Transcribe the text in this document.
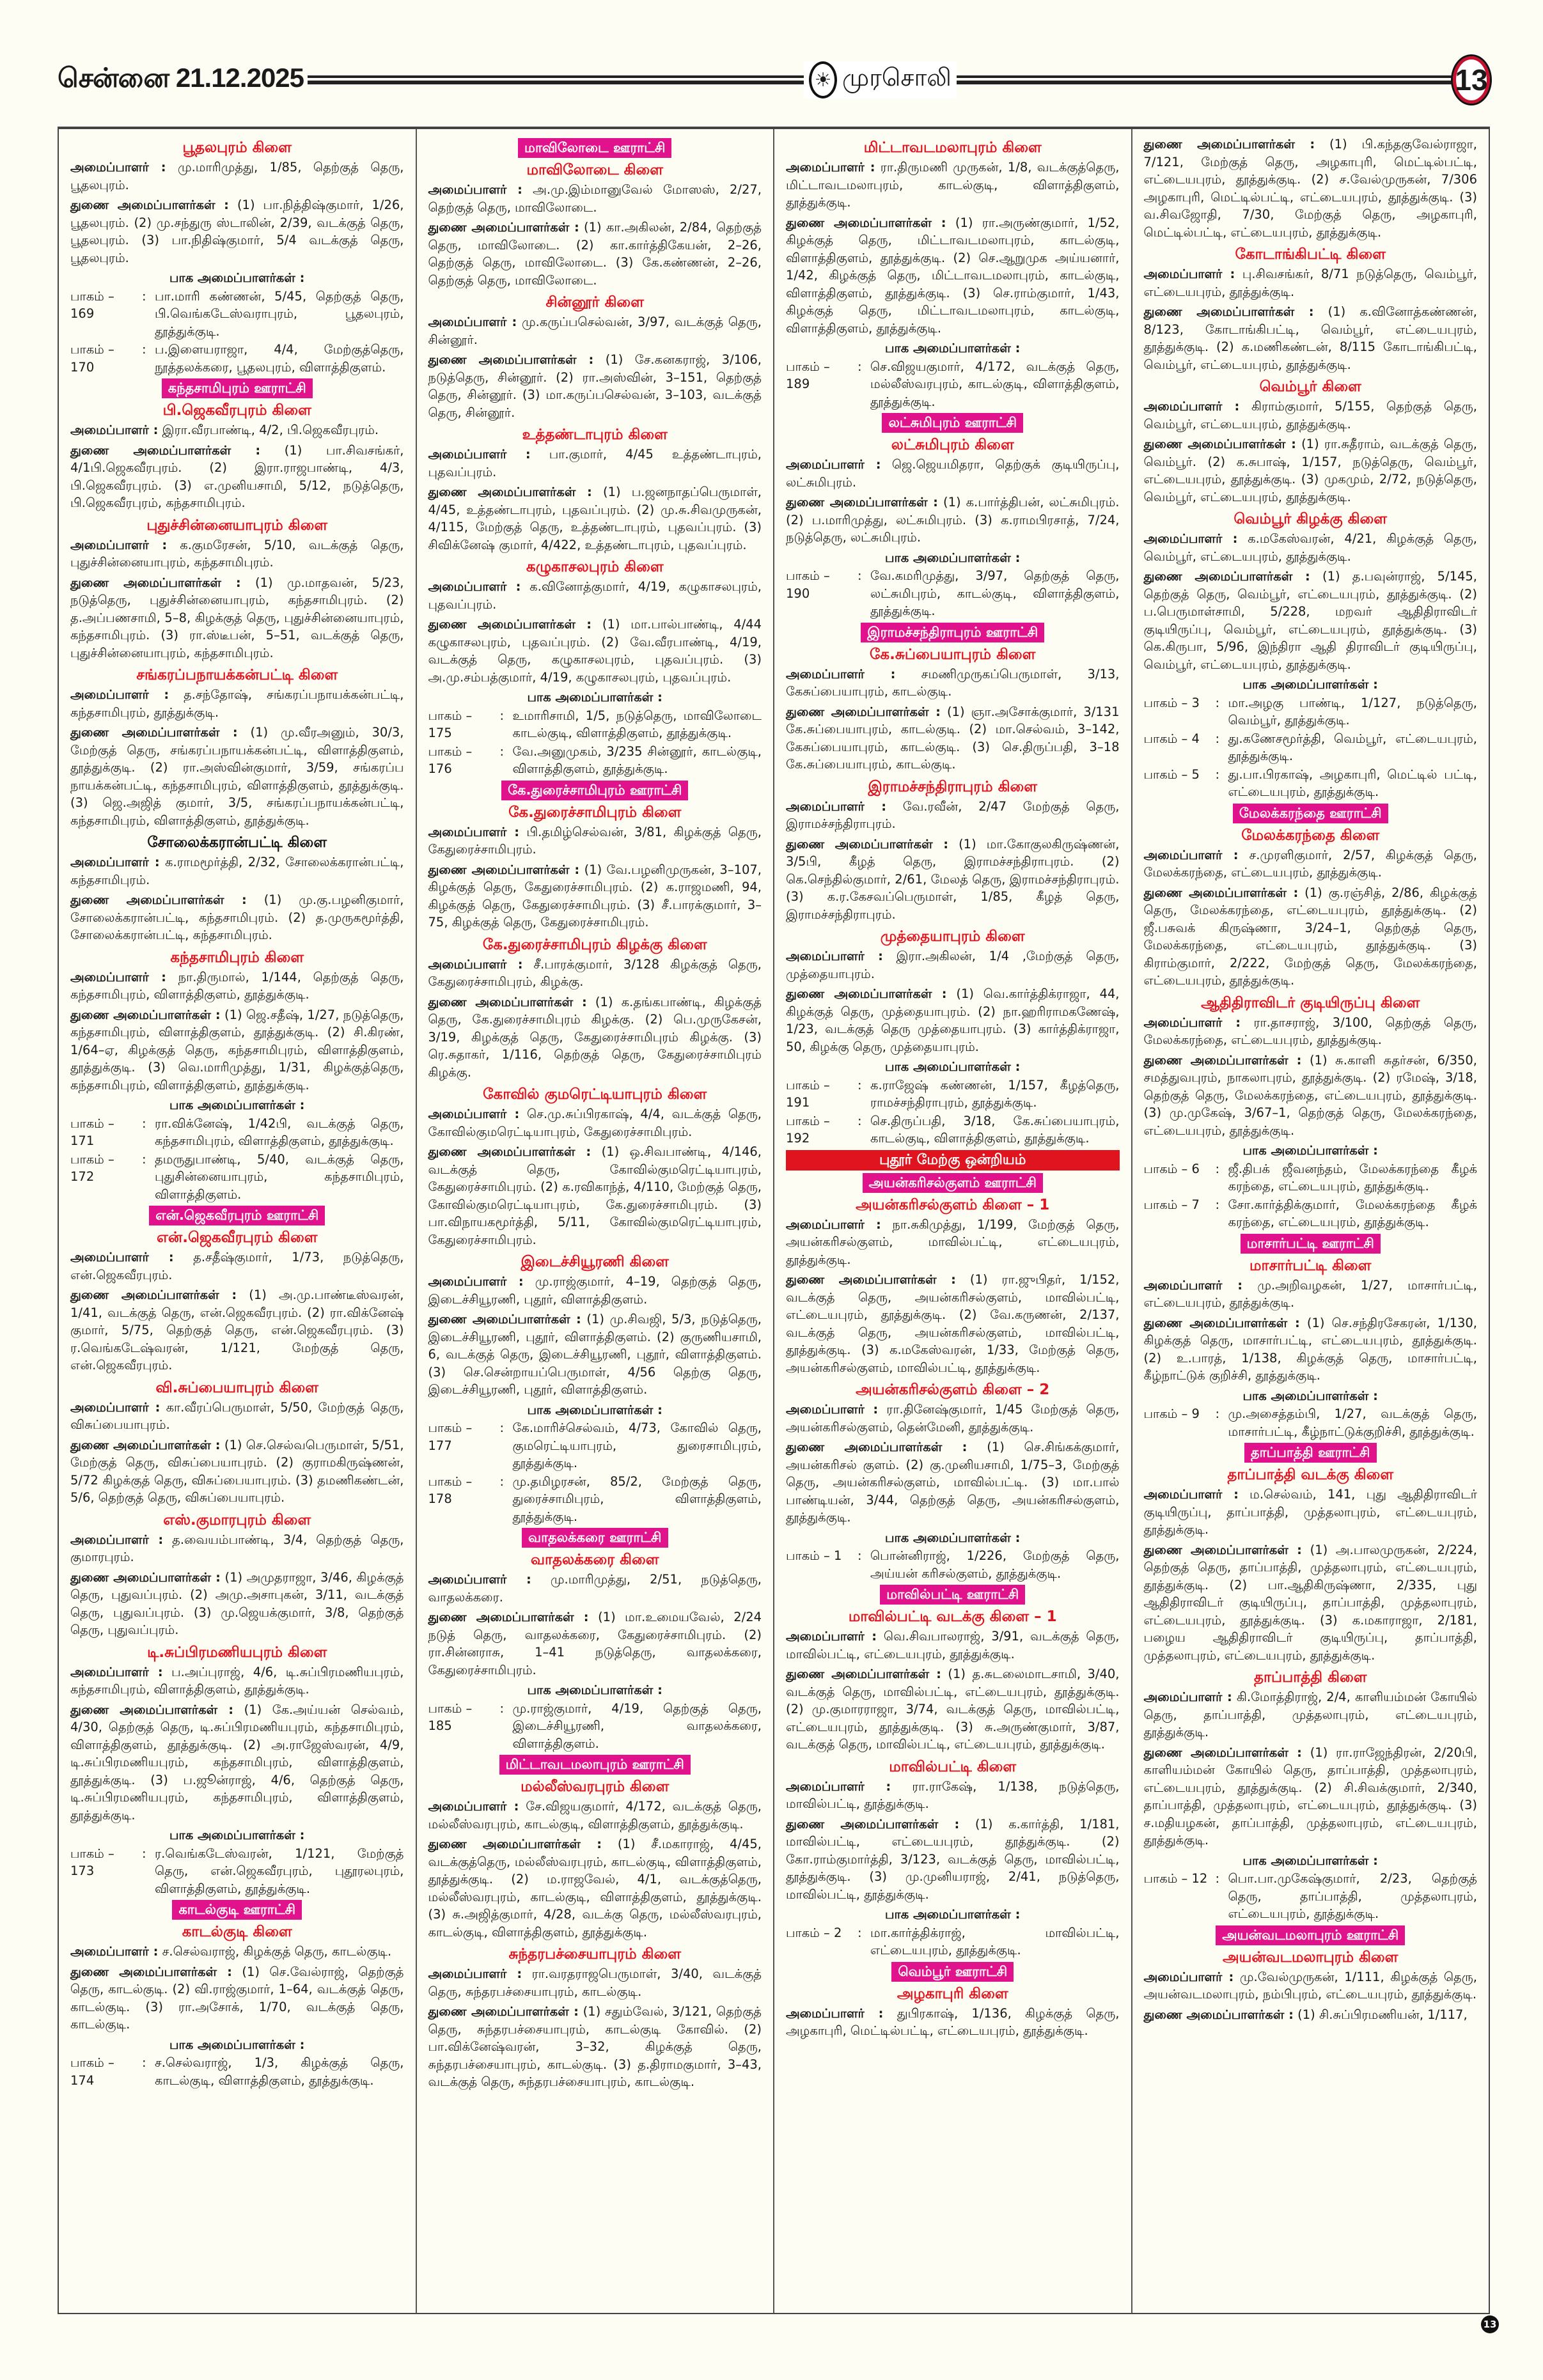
சென்னை 21.12.2025	☀ முரசொலி	13
பூதலபுரம் கிளை
அமைப்பாளர் : மு.மாரிமுத்து, 1/85, தெற்குத் தெரு, பூதலபுரம்.
துணை அமைப்பாளர்கள் : (1) பா.நித்திஷ்குமார், 1/26, பூதலபுரம். (2) மு.சந்துரு ஸ்டாலின், 2/39, வடக்குத் தெரு, பூதலபுரம். (3) பா.நிதிஷ்குமார், 5/4 வடக்குத் தெரு, பூதலபுரம்.
பாக அமைப்பாளர்கள் :
பாகம் – 169
: பா.மாரி கண்ணன், 5/45, தெற்குத் தெரு, பி.வெங்கடேஸ்வராபுரம், பூதலபுரம், தூத்துக்குடி.
பாகம் – 170
: ப.இளையராஜா, 4/4, மேற்குத்தெரு, நூத்தலக்கரை, பூதலபுரம், விளாத்திகுளம்.
கந்தசாமிபுரம் ஊராட்சி
பி.ஜெகவீரபுரம் கிளை
அமைப்பாளர் : இரா.வீரபாண்டி, 4/2, பி.ஜெகவீரபுரம்.
துணை அமைப்பாளர்கள் : (1) பா.சிவசங்கர், 4/1பி.ஜெகவீரபுரம். (2) இரா.ராஜபாண்டி, 4/3, பி.ஜெகவீரபுரம். (3) எ.முனியசாமி, 5/12, நடுத்தெரு, பி.ஜெகவீரபுரம், கந்தசாமிபுரம்.
புதுச்சின்னையாபுரம் கிளை
அமைப்பாளர் : க.குமரேசன், 5/10, வடக்குத் தெரு, புதுச்சின்னையாபுரம், கந்தசாமிபுரம்.
துணை அமைப்பாளர்கள் : (1) மு.மாதவன், 5/23, நடுத்தெரு, புதுச்சின்னையாபுரம், கந்தசாமிபுரம். (2) த.அப்பணசாமி, 5–8, கிழக்குத் தெரு, புதுச்சின்னையாபுரம், கந்தசாமிபுரம். (3) ரா.ஸ்டீபன், 5–51, வடக்குத் தெரு, புதுச்சின்னையாபுரம், கந்தசாமிபுரம்.
சங்கரப்பநாயக்கன்பட்டி கிளை
அமைப்பாளர் : த.சந்தோஷ், சங்கரப்பநாயக்கன்பட்டி, கந்தசாமிபுரம், தூத்துக்குடி.
துணை அமைப்பாளர்கள் : (1) மு.வீரஅனும், 30/3, மேற்குத் தெரு, சங்கரப்பநாயக்கன்பட்டி, விளாத்திகுளம், தூத்துக்குடி. (2) ரா.அஸ்வின்குமார், 3/59, சங்கரப்ப நாயக்கன்பட்டி, கந்தசாமிபுரம், விளாத்திகுளம், தூத்துக்குடி. (3) ஜெ.அஜித் குமார், 3/5, சங்கரப்பநாயக்கன்பட்டி, கந்தசாமிபுரம், விளாத்திகுளம், தூத்துக்குடி.
சோலைக்கரான்பட்டி கிளை
அமைப்பாளர் : க.ராமமூர்த்தி, 2/32, சோலைக்கரான்பட்டி, கந்தசாமிபுரம்.
துணை அமைப்பாளர்கள் : (1) மு.கு.பழனிகுமார், சோலைக்கரான்பட்டி, கந்தசாமிபுரம். (2) த.முருகமூர்த்தி, சோலைக்கரான்பட்டி, கந்தசாமிபுரம்.
கந்தசாமிபுரம் கிளை
அமைப்பாளர் : நா.திருமால், 1/144, தெற்குத் தெரு, கந்தசாமிபுரம், விளாத்திகுளம், தூத்துக்குடி.
துணை அமைப்பாளர்கள் : (1) ஜெ.சதீஷ், 1/27, நடுத்தெரு, கந்தசாமிபுரம், விளாத்திகுளம், தூத்துக்குடி. (2) சி.கிரண், 1/64–ஏ, கிழக்குத் தெரு, கந்தசாமிபுரம், விளாத்திகுளம், தூத்துக்குடி. (3) வெ.மாரிமுத்து, 1/31, கிழக்குத்தெரு, கந்தசாமிபுரம், விளாத்திகுளம், தூத்துக்குடி.
பாக அமைப்பாளர்கள் :
பாகம் – 171
: ரா.விக்னேஷ், 1/42பி, வடக்குத் தெரு, கந்தசாமிபுரம், விளாத்திகுளம், தூத்துக்குடி.
பாகம் – 172
: தமருதுபாண்டி, 5/40, வடக்குத் தெரு, புதுசின்னையாபுரம், கந்தசாமிபுரம், விளாத்திகுளம்.
என்.ஜெகவீரபுரம் ஊராட்சி
என்.ஜெகவீரபுரம் கிளை
அமைப்பாளர் : த.சதீஷ்குமார், 1/73, நடுத்தெரு, என்.ஜெகவீரபுரம்.
துணை அமைப்பாளர்கள் : (1) அ.மு.பாண்டீஸ்வரன், 1/41, வடக்குத் தெரு, என்.ஜெகவீரபுரம். (2) ரா.விக்னேஷ் குமார், 5/75, தெற்குத் தெரு, என்.ஜெகவீரபுரம். (3) ர.வெங்கடேஷ்வரன், 1/121, மேற்குத் தெரு, என்.ஜெகவீரபுரம்.
வி.சுப்பையாபுரம் கிளை
அமைப்பாளர் : கா.வீரப்பெருமாள், 5/50, மேற்குத் தெரு, விசுப்பையாபுரம்.
துணை அமைப்பாளர்கள் : (1) செ.செல்வபெருமாள், 5/51, மேற்குத் தெரு, விசுப்பையாபுரம். (2) குராமகிருஷ்ணன், 5/72 கிழக்குத் தெரு, விசுப்பையாபுரம். (3) தமணிகண்டன், 5/6, தெற்குத் தெரு, விசுப்பையாபுரம்.
எஸ்.குமாரபுரம் கிளை
அமைப்பாளர் : த.வையம்பாண்டி, 3/4, தெற்குத் தெரு, குமாரபுரம்.
துணை அமைப்பாளர்கள் : (1) அமுதராஜா, 3/46, கிழக்குத் தெரு, புதுவப்புரம். (2) அமு.அசாபுகன், 3/11, வடக்குத் தெரு, புதுவப்புரம். (3) மு.ஜெயக்குமார், 3/8, தெற்குத் தெரு, புதுவப்புரம்.
டி.சுப்பிரமணியபுரம் கிளை
அமைப்பாளர் : ப.அப்புராஜ், 4/6, டி.சுப்பிரமணியபுரம், கந்தசாமிபுரம், விளாத்திகுளம், தூத்துக்குடி.
துணை அமைப்பாளர்கள் : (1) கே.அய்யன் செல்வம், 4/30, தெற்குத் தெரு, டி.சுப்பிரமணியபுரம், கந்தசாமிபுரம், விளாத்திகுளம், தூத்துக்குடி. (2) அ.ராஜேஸ்வரன், 4/9, டி.சுப்பிரமணியபுரம், கந்தசாமிபுரம், விளாத்திகுளம், தூத்துக்குடி. (3) ப.ஜூன்ராஜ், 4/6, தெற்குத் தெரு, டி.சுப்பிரமணியபுரம், கந்தசாமிபுரம், விளாத்திகுளம், தூத்துக்குடி.
பாக அமைப்பாளர்கள் :
பாகம் – 173
: ர.வெங்கடேஸ்வரன், 1/121, மேற்குத் தெரு, என்.ஜெகவீரபுரம், புதூரலபுரம், விளாத்திகுளம், தூத்துக்குடி.
காடல்குடி ஊராட்சி
காடல்குடி கிளை
அமைப்பாளர் : ச.செல்வராஜ், கிழக்குத் தெரு, காடல்குடி.
துணை அமைப்பாளர்கள் : (1) செ.வேல்ராஜ், தெற்குத் தெரு, காடல்குடி. (2) வி.ராஜ்குமார், 1–64, வடக்குத் தெரு, காடல்குடி. (3) ரா.அசோக், 1/70, வடக்குத் தெரு, காடல்குடி.
பாக அமைப்பாளர்கள் :
பாகம் – 174
: ச.செல்வராஜ், 1/3, கிழக்குத் தெரு, காடல்குடி, விளாத்திகுளம், தூத்துக்குடி.
மாவிலோடை ஊராட்சி
மாவிலோடை கிளை
அமைப்பாளர் : அ.மு.இம்மானுவேல் மோஸஸ், 2/27, தெற்குத் தெரு, மாவிலோடை.
துணை அமைப்பாளர்கள் : (1) கா.அகிலன், 2/84, தெற்குத் தெரு, மாவிலோடை. (2) கா.கார்த்திகேயன், 2–26, தெற்குத் தெரு, மாவிலோடை. (3) கே.கண்ணன், 2–26, தெற்குத் தெரு, மாவிலோடை.
சின்னூர் கிளை
அமைப்பாளர் : மு.கருப்பசெல்வன், 3/97, வடக்குத் தெரு, சின்னூர்.
துணை அமைப்பாளர்கள் : (1) சே.கனகராஜ், 3/106, நடுத்தெரு, சின்னூர். (2) ரா.அஸ்வின், 3–151, தெற்குத் தெரு, சின்னூர். (3) மா.கருப்பசெல்வன், 3–103, வடக்குத் தெரு, சின்னூர்.
உத்தண்டாபுரம் கிளை
அமைப்பாளர் : பா.குமார், 4/45 உத்தண்டாபுரம், புதவப்புரம்.
துணை அமைப்பாளர்கள் : (1) ப.ஜனநாதப்பெருமாள், 4/45, உத்தண்டாபுரம், புதவப்புரம். (2) மு.சு.சிவமுருகன், 4/115, மேற்குத் தெரு, உத்தண்டாபுரம், புதவப்புரம். (3) சிவிக்னேஷ் குமார், 4/422, உத்தண்டாபுரம், புதவப்புரம்.
கழுகாசலபுரம் கிளை
அமைப்பாளர் : க.வினோத்குமார், 4/19, கழுகாசலபுரம், புதவப்புரம்.
துணை அமைப்பாளர்கள் : (1) மா.பால்பாண்டி, 4/44 கழுகாசலபுரம், புதவப்புரம். (2) வே.வீரபாண்டி, 4/19, வடக்குத் தெரு, கழுகாசலபுரம், புதவப்புரம். (3) அ.மு.சம்பத்குமார், 4/19, கழுகாசலபுரம், புதவப்புரம்.
பாக அமைப்பாளர்கள் :
பாகம் – 175
: உமாரிசாமி, 1/5, நடுத்தெரு, மாவிலோடை காடல்குடி, விளாத்திகுளம், தூத்துக்குடி.
பாகம் – 176
: வே.அனுமுகம், 3/235 சின்னூர், காடல்குடி, விளாத்திகுளம், தூத்துக்குடி.
கே.துரைச்சாமிபுரம் ஊராட்சி
கே.துரைச்சாமிபுரம் கிளை
அமைப்பாளர் : பி.தமிழ்செல்வன், 3/81, கிழக்குத் தெரு, கேதுரைச்சாமிபுரம்.
துணை அமைப்பாளர்கள் : (1) வே.பழனிமுருகன், 3–107, கிழக்குத் தெரு, கேதுரைச்சாமிபுரம். (2) க.ராஜமணி, 94, கிழக்குத் தெரு, கேதுரைச்சாமிபுரம். (3) சீ.பாரக்குமார், 3–75, கிழக்குத் தெரு, கேதுரைச்சாமிபுரம்.
கே.துரைச்சாமிபுரம் கிழக்கு கிளை
அமைப்பாளர் : சீ.பாரக்குமார், 3/128 கிழக்குத் தெரு, கேதுரைச்சாமிபுரம், கிழக்கு.
துணை அமைப்பாளர்கள் : (1) க.தங்கபாண்டி, கிழக்குத் தெரு, கே.துரைச்சாமிபுரம் கிழக்கு. (2) பெ.முருகேசன், 3/19, கிழக்குத் தெரு, கேதுரைச்சாமிபுரம் கிழக்கு. (3) ரெ.சுதாகர், 1/116, தெற்குத் தெரு, கேதுரைச்சாமிபுரம் கிழக்கு.
கோவில் குமரெட்டியாபுரம் கிளை
அமைப்பாளர் : செ.மு.சுப்பிரகாஷ், 4/4, வடக்குத் தெரு, கோவில்குமரெட்டியாபுரம், கேதுரைச்சாமிபுரம்.
துணை அமைப்பாளர்கள் : (1) ஒ.சிவபாண்டி, 4/146, வடக்குத் தெரு, கோவில்குமரெட்டியாபுரம், கேதுரைச்சாமிபுரம். (2) க.ரவிகாந்த், 4/110, மேற்குத் தெரு, கோவில்குமரெட்டியாபுரம், கே.துரைச்சாமிபுரம். (3) பா.விநாயகமூர்த்தி, 5/11, கோவில்குமரெட்டியாபுரம், கேதுரைச்சாமிபுரம்.
இடைச்சியூரணி கிளை
அமைப்பாளர் : மு.ராஜ்குமார், 4–19, தெற்குத் தெரு, இடைச்சியூரணி, புதூர், விளாத்திகுளம்.
துணை அமைப்பாளர்கள் : (1) மு.சிவஜி, 5/3, நடுத்தெரு, இடைச்சியூரணி, புதூர், விளாத்திகுளம். (2) குருணியசாமி, 6, வடக்குத் தெரு, இடைச்சியூரணி, புதூர், விளாத்திகுளம். (3) செ.சென்றாயப்பெருமாள், 4/56 தெற்கு தெரு, இடைச்சியூரணி, புதூர், விளாத்திகுளம்.
பாக அமைப்பாளர்கள் :
பாகம் – 177
: கே.மாரிச்செல்வம், 4/73, கோவில் தெரு, குமரெட்டியாபுரம், துரைசாமிபுரம், தூத்துக்குடி.
பாகம் – 178
: மு.தமிழரசன், 85/2, மேற்குத் தெரு, துரைச்சாமிபுரம், விளாத்திகுளம், தூத்துக்குடி.
வாதலக்கரை ஊராட்சி
வாதலக்கரை கிளை
அமைப்பாளர் : மு.மாரிமுத்து, 2/51, நடுத்தெரு, வாதலக்கரை.
துணை அமைப்பாளர்கள் : (1) மா.உமையவேல், 2/24 நடுத் தெரு, வாதலக்கரை, கேதுரைச்சாமிபுரம். (2) ரா.சின்னராசு, 1–41 நடுத்தெரு, வாதலக்கரை, கேதுரைச்சாமிபுரம்.
பாக அமைப்பாளர்கள் :
பாகம் – 185
: மு.ராஜ்குமார், 4/19, தெற்குத் தெரு, இடைச்சியூரணி, வாதலக்கரை, விளாத்திகுளம்.
மிட்டாவடமலாபுரம் ஊராட்சி
மல்லீஸ்வரபுரம் கிளை
அமைப்பாளர் : சே.விஜயகுமார், 4/172, வடக்குத் தெரு, மல்லீஸ்வரபுரம், காடல்குடி, விளாத்திகுளம், தூத்துக்குடி.
துணை அமைப்பாளர்கள் : (1) சீ.மகாராஜ், 4/45, வடக்குத்தெரு, மல்லீஸ்வரபுரம், காடல்குடி, விளாத்திகுளம், தூத்துக்குடி. (2) ம.ராஜவேல், 4/1, வடக்குத்தெரு, மல்லீஸ்வரபுரம், காடல்குடி, விளாத்திகுளம், தூத்துக்குடி. (3) சு.அஜித்குமார், 4/28, வடக்கு தெரு, மல்லீஸ்வரபுரம், காடல்குடி, விளாத்திகுளம், தூத்துக்குடி.
சுந்தரபச்சையாபுரம் கிளை
அமைப்பாளர் : ரா.வரதராஜபெருமாள், 3/40, வடக்குத் தெரு, சுந்தரபச்சையாபுரம், காடல்குடி.
துணை அமைப்பாளர்கள் : (1) சதும்வேல், 3/121, தெற்குத் தெரு, சுந்தரபச்சையாபுரம், காடல்குடி கோவில். (2) பா.விக்னேஷ்வரன், 3–32, கிழக்குத் தெரு, சுந்தரபச்சையாபுரம், காடல்குடி. (3) த.திராமகுமார், 3–43, வடக்குத் தெரு, சுந்தரபச்சையாபுரம், காடல்குடி.
மிட்டாவடமலாபுரம் கிளை
அமைப்பாளர் : ரா.திருமணி முருகன், 1/8, வடக்குத்தெரு, மிட்டாவடமலாபுரம், காடல்குடி, விளாத்திகுளம், தூத்துக்குடி.
துணை அமைப்பாளர்கள் : (1) ரா.அருண்குமார், 1/52, கிழக்குத் தெரு, மிட்டாவடமலாபுரம், காடல்குடி, விளாத்திகுளம், தூத்துக்குடி. (2) செ.ஆறுமுக அய்யனார், 1/42, கிழக்குத் தெரு, மிட்டாவடமலாபுரம், காடல்குடி, விளாத்திகுளம், தூத்துக்குடி. (3) செ.ராம்குமார், 1/43, கிழக்குத் தெரு, மிட்டாவடமலாபுரம், காடல்குடி, விளாத்திகுளம், தூத்துக்குடி.
பாக அமைப்பாளர்கள் :
பாகம் – 189
: செ.விஜயகுமார், 4/172, வடக்குத் தெரு, மல்லீஸ்வரபுரம், காடல்குடி, விளாத்திகுளம், தூத்துக்குடி.
லட்சுமிபுரம் ஊராட்சி
லட்சுமிபுரம் கிளை
அமைப்பாளர் : ஜெ.ஜெயமிதரா, தெற்குக் குடியிருப்பு, லட்சுமிபுரம்.
துணை அமைப்பாளர்கள் : (1) க.பார்த்திபன், லட்சுமிபுரம். (2) ப.மாரிமுத்து, லட்சுமிபுரம். (3) க.ராமபிரசாத், 7/24, நடுத்தெரு, லட்சுமிபுரம்.
பாக அமைப்பாளர்கள் :
பாகம் – 190
: வே.கமரிமுத்து, 3/97, தெற்குத் தெரு, லட்சுமிபுரம், காடல்குடி, விளாத்திகுளம், தூத்துக்குடி.
இராமச்சந்திராபுரம் ஊராட்சி
கே.சுப்பையாபுரம் கிளை
அமைப்பாளர் : சமணிமுருகப்பெருமாள், 3/13, கேசுப்பையாபுரம், காடல்குடி.
துணை அமைப்பாளர்கள் : (1) ஞா.அசோக்குமார், 3/131 கே.சுப்பையாபுரம், காடல்குடி. (2) மா.செல்வம், 3–142, கேசுப்பையாபுரம், காடல்குடி. (3) செ.திருப்பதி, 3–18 கே.சுப்பையாபுரம், காடல்குடி.
இராமச்சந்திராபுரம் கிளை
அமைப்பாளர் : வே.ரவீன், 2/47 மேற்குத் தெரு, இராமச்சந்திராபுரம்.
துணை அமைப்பாளர்கள் : (1) மா.கோகுலகிருஷ்ணன், 3/5பி, கீழத் தெரு, இராமச்சந்திராபுரம். (2) கெ.செந்தில்குமார், 2/61, மேலத் தெரு, இராமச்சந்திராபுரம். (3) க.ர.கேசவப்பெருமாள், 1/85, கீழத் தெரு, இராமச்சந்திராபுரம்.
முத்தையாபுரம் கிளை
அமைப்பாளர் : இரா.அகிலன், 1/4 ,மேற்குத் தெரு, முத்தையாபுரம்.
துணை அமைப்பாளர்கள் : (1) வெ.கார்த்திக்ராஜா, 44, கிழக்குத் தெரு, முத்தையாபுரம். (2) நா.ஹரிராமகணேஷ், 1/23, வடக்குத் தெரு முத்தையாபுரம். (3) கார்த்திக்ராஜா, 50, கிழக்கு தெரு, முத்தையாபுரம்.
பாக அமைப்பாளர்கள் :
பாகம் – 191
: க.ராஜேஷ் கண்ணன், 1/157, கீழத்தெரு, ராமச்சந்திராபுரம், தூத்துக்குடி.
பாகம் – 192
: செ.திருப்பதி, 3/18, கே.சுப்பையாபுரம், காடல்குடி, விளாத்திகுளம், தூத்துக்குடி.
புதூர் மேற்கு ஒன்றியம்
அயன்கரிசல்குளம் ஊராட்சி
அயன்கரிசல்குளம் கிளை – 1
அமைப்பாளர் : நா.சுகிமுத்து, 1/199, மேற்குத் தெரு, அயன்கரிசல்குளம், மாவில்பட்டி, எட்டையபுரம், தூத்துக்குடி.
துணை அமைப்பாளர்கள் : (1) ரா.ஜுபிதர், 1/152, வடக்குத் தெரு, அயன்கரிசல்குளம், மாவில்பட்டி, எட்டையபுரம், தூத்துக்குடி. (2) வே.கருணன், 2/137, வடக்குத் தெரு, அயன்கரிசல்குளம், மாவில்பட்டி, தூத்துக்குடி. (3) க.மகேஸ்வரன், 1/33, மேற்குத் தெரு, அயன்கரிசல்குளம், மாவில்பட்டி, தூத்துக்குடி.
அயன்கரிசல்குளம் கிளை – 2
அமைப்பாளர் : ரா.தினேஷ்குமார், 1/45 மேற்குத் தெரு, அயன்கரிசல்குளம், தென்மேனி, தூத்துக்குடி.
துணை அமைப்பாளர்கள் : (1) செ.சிங்கக்குமார், அயன்கரிசல் குளம். (2) கு.முனியசாமி, 1/75–3, மேற்குத் தெரு, அயன்கரிசல்குளம், மாவில்பட்டி. (3) மா.பால் பாண்டியன், 3/44, தெற்குத் தெரு, அயன்கரிசல்குளம், தூத்துக்குடி.
பாக அமைப்பாளர்கள் :
பாகம் – 1	: பொன்னிராஜ், 1/226, மேற்குத் தெரு, அய்யன் கரிசல்குளம், தூத்துக்குடி.
மாவில்பட்டி ஊராட்சி
மாவில்பட்டி வடக்கு கிளை – 1
அமைப்பாளர் : வெ.சிவபாலராஜ், 3/91, வடக்குத் தெரு, மாவில்பட்டி, எட்டையபுரம், தூத்துக்குடி.
துணை அமைப்பாளர்கள் : (1) த.சுடலைமாடசாமி, 3/40, வடக்குத் தெரு, மாவில்பட்டி, எட்டையபுரம், தூத்துக்குடி. (2) மு.குமாரராஜா, 3/74, வடக்குத் தெரு, மாவில்பட்டி, எட்டையபுரம், தூத்துக்குடி. (3) சு.அருண்குமார், 3/87, வடக்குத் தெரு, மாவில்பட்டி, எட்டையபுரம், தூத்துக்குடி.
மாவில்பட்டி கிளை
அமைப்பாளர் : ரா.ராகேஷ், 1/138, நடுத்தெரு, மாவில்பட்டி, தூத்துக்குடி.
துணை அமைப்பாளர்கள் : (1) க.கார்த்தி, 1/181, மாவில்பட்டி, எட்டையபுரம், தூத்துக்குடி. (2) கோ.ராம்குமார்த்தி, 3/123, வடக்குத் தெரு, மாவில்பட்டி, தூத்துக்குடி. (3) மு.முனியராஜ், 2/41, நடுத்தெரு, மாவில்பட்டி, தூத்துக்குடி.
பாக அமைப்பாளர்கள் :
பாகம் – 2	: மா.கார்த்திக்ராஜ், மாவில்பட்டி, எட்டையபுரம், தூத்துக்குடி.
வெம்பூர் ஊராட்சி
அழகாபுரி கிளை
அமைப்பாளர் : துபிரகாஷ், 1/136, கிழக்குத் தெரு, அழகாபுரி, மெட்டில்பட்டி, எட்டையபுரம், தூத்துக்குடி.
துணை அமைப்பாளர்கள் : (1) பி.கந்தகுவேல்ராஜா, 7/121, மேற்குத் தெரு, அழகாபுரி, மெட்டில்பட்டி, எட்டையபுரம், தூத்துக்குடி. (2) ச.வேல்முருகன், 7/306 அழகாபுரி, மெட்டில்பட்டி, எட்டையபுரம், தூத்துக்குடி. (3) வ.சிவஜோதி, 7/30, மேற்குத் தெரு, அழகாபுரி, மெட்டில்பட்டி, எட்டையபுரம், தூத்துக்குடி.
கோடாங்கிபட்டி கிளை
அமைப்பாளர் : பு.சிவசங்கர், 8/71 நடுத்தெரு, வெம்பூர், எட்டையபுரம், தூத்துக்குடி.
துணை அமைப்பாளர்கள் : (1) க.வினோத்கண்ணன், 8/123, கோடாங்கிபட்டி, வெம்பூர், எட்டையபுரம், தூத்துக்குடி. (2) க.மணிகண்டன், 8/115 கோடாங்கிபட்டி, வெம்பூர், எட்டையபுரம், தூத்துக்குடி.
வெம்பூர் கிளை
அமைப்பாளர் : கிராம்குமார், 5/155, தெற்குத் தெரு, வெம்பூர், எட்டையபுரம், தூத்துக்குடி.
துணை அமைப்பாளர்கள் : (1) ரா.சுதீராம், வடக்குத் தெரு, வெம்பூர். (2) க.சுபாஷ், 1/157, நடுத்தெரு, வெம்பூர், எட்டையபுரம், தூத்துக்குடி. (3) முகமும், 2/72, நடுத்தெரு, வெம்பூர், எட்டையபுரம், தூத்துக்குடி.
வெம்பூர் கிழக்கு கிளை
அமைப்பாளர் : க.மகேஸ்வரன், 4/21, கிழக்குத் தெரு, வெம்பூர், எட்டையபுரம், தூத்துக்குடி.
துணை அமைப்பாளர்கள் : (1) த.பவுன்ராஜ், 5/145, தெற்குத் தெரு, வெம்பூர், எட்டையபுரம், தூத்துக்குடி. (2) ப.பெருமாள்சாமி, 5/228, மறவர் ஆதிதிராவிடர் குடியிருப்பு, வெம்பூர், எட்டையபுரம், தூத்துக்குடி. (3) கெ.கிருபா, 5/96, இந்திரா ஆதி திராவிடர் குடியிருப்பு, வெம்பூர், எட்டையபுரம், தூத்துக்குடி.
பாக அமைப்பாளர்கள் :
பாகம் – 3	: மா.அழகு பாண்டி, 1/127, நடுத்தெரு, வெம்பூர், தூத்துக்குடி.
பாகம் – 4	: து.கணேசமூர்த்தி, வெம்பூர், எட்டையபுரம், தூத்துக்குடி.
பாகம் – 5	: து.பா.பிரகாஷ், அழகாபுரி, மெட்டில் பட்டி, எட்டையபுரம், தூத்துக்குடி.
மேலக்கரந்தை ஊராட்சி
மேலக்கரந்தை கிளை
அமைப்பாளர் : ச.முரளிகுமார், 2/57, கிழக்குத் தெரு, மேலக்கரந்தை, எட்டையபுரம், தூத்துக்குடி.
துணை அமைப்பாளர்கள் : (1) கு.ரஞ்சித், 2/86, கிழக்குத் தெரு, மேலக்கரந்தை, எட்டையபுரம், தூத்துக்குடி. (2) ஜீ.பசுவக் கிருஷ்ணா, 3/24–1, தெற்குத் தெரு, மேலக்கரந்தை, எட்டையபுரம், தூத்துக்குடி. (3) கிராம்குமார், 2/222, மேற்குத் தெரு, மேலக்கரந்தை, எட்டையபுரம், தூத்துக்குடி.
ஆதிதிராவிடர் குடியிருப்பு கிளை
அமைப்பாளர் : ரா.தாசராஜ், 3/100, தெற்குத் தெரு, மேலக்கரந்தை, எட்டையபுரம், தூத்துக்குடி.
துணை அமைப்பாளர்கள் : (1) சு.காளி சுதர்சன், 6/350, சமத்துவபுரம், நாகலாபுரம், தூத்துக்குடி. (2) ரமேஷ், 3/18, தெற்குத் தெரு, மேலக்கரந்தை, எட்டையபுரம், தூத்துக்குடி. (3) மு.முகேஷ், 3/67–1, தெற்குத் தெரு, மேலக்கரந்தை, எட்டையபுரம், தூத்துக்குடி.
பாக அமைப்பாளர்கள் :
பாகம் – 6	: ஜீ.திபக் ஜீவனந்தம், மேலக்கரந்தை கீழக் கரந்தை, எட்டையபுரம், தூத்துக்குடி.
பாகம் – 7	: சோ.கார்த்திக்குமார், மேலக்கரந்தை கீழக் கரந்தை, எட்டையபுரம், தூத்துக்குடி.
மாசார்பட்டி ஊராட்சி
மாசார்பட்டி கிளை
அமைப்பாளர் : மு.அறிவழகன், 1/27, மாசார்பட்டி, எட்டையபுரம், தூத்துக்குடி.
துணை அமைப்பாளர்கள் : (1) செ.சந்திரசேகரன், 1/130, கிழக்குத் தெரு, மாசார்பட்டி, எட்டையபுரம், தூத்துக்குடி. (2) உ.பாரத், 1/138, கிழக்குத் தெரு, மாசார்பட்டி, கீழ்நாட்டுக் குறிச்சி, தூத்துக்குடி.
பாக அமைப்பாளர்கள் :
பாகம் – 9	: மு.அசைத்தம்பி, 1/27, வடக்குத் தெரு, மாசார்பட்டி, கீழ்நாட்டுக்குறிச்சி, தூத்துக்குடி.
தாப்பாத்தி ஊராட்சி
தாப்பாத்தி வடக்கு கிளை
அமைப்பாளர் : ம.செல்வம், 141, புது ஆதிதிராவிடர் குடியிருப்பு, தாப்பாத்தி, முத்தலாபுரம், எட்டையபுரம், தூத்துக்குடி.
துணை அமைப்பாளர்கள் : (1) அ.பாலமுருகன், 2/224, தெற்குத் தெரு, தாப்பாத்தி, முத்தலாபுரம், எட்டையபுரம், தூத்துக்குடி. (2) பா.ஆதிகிருஷ்ணா, 2/335, புது ஆதிதிராவிடர் குடியிருப்பு, தாப்பாத்தி, முத்தலாபுரம், எட்டையபுரம், தூத்துக்குடி. (3) க.மகாராஜா, 2/181, பழைய ஆதிதிராவிடர் குடியிருப்பு, தாப்பாத்தி, முத்தலாபுரம், எட்டையபுரம், தூத்துக்குடி.
தாப்பாத்தி கிளை
அமைப்பாளர் : கி.மோத்திராஜ், 2/4, காளியம்மன் கோயில் தெரு, தாப்பாத்தி, முத்தலாபுரம், எட்டையபுரம், தூத்துக்குடி.
துணை அமைப்பாளர்கள் : (1) ரா.ராஜேந்திரன், 2/20பி, காளியம்மன் கோயில் தெரு, தாப்பாத்தி, முத்தலாபுரம், எட்டையபுரம், தூத்துக்குடி. (2) சி.சிவக்குமார், 2/340, தாப்பாத்தி, முத்தலாபுரம், எட்டையபுரம், தூத்துக்குடி. (3) ச.மதியழகன், தாப்பாத்தி, முத்தலாபுரம், எட்டையபுரம், தூத்துக்குடி.
பாக அமைப்பாளர்கள் :
பாகம் – 12 : பொ.பா.முகேஷ்குமார், 2/23, தெற்குத் தெரு, தாப்பாத்தி, முத்தலாபுரம், எட்டையபுரம், தூத்துக்குடி.
அயன்வடமலாபுரம் ஊராட்சி
அயன்வடமலாபுரம் கிளை
அமைப்பாளர் : மு.வேல்முருகன், 1/111, கிழக்குத் தெரு, அயன்வடமலாபுரம், நம்பிபுரம், எட்டையபுரம், தூத்துக்குடி.
துணை அமைப்பாளர்கள் : (1) சி.சுப்பிரமணியன், 1/117,
13
